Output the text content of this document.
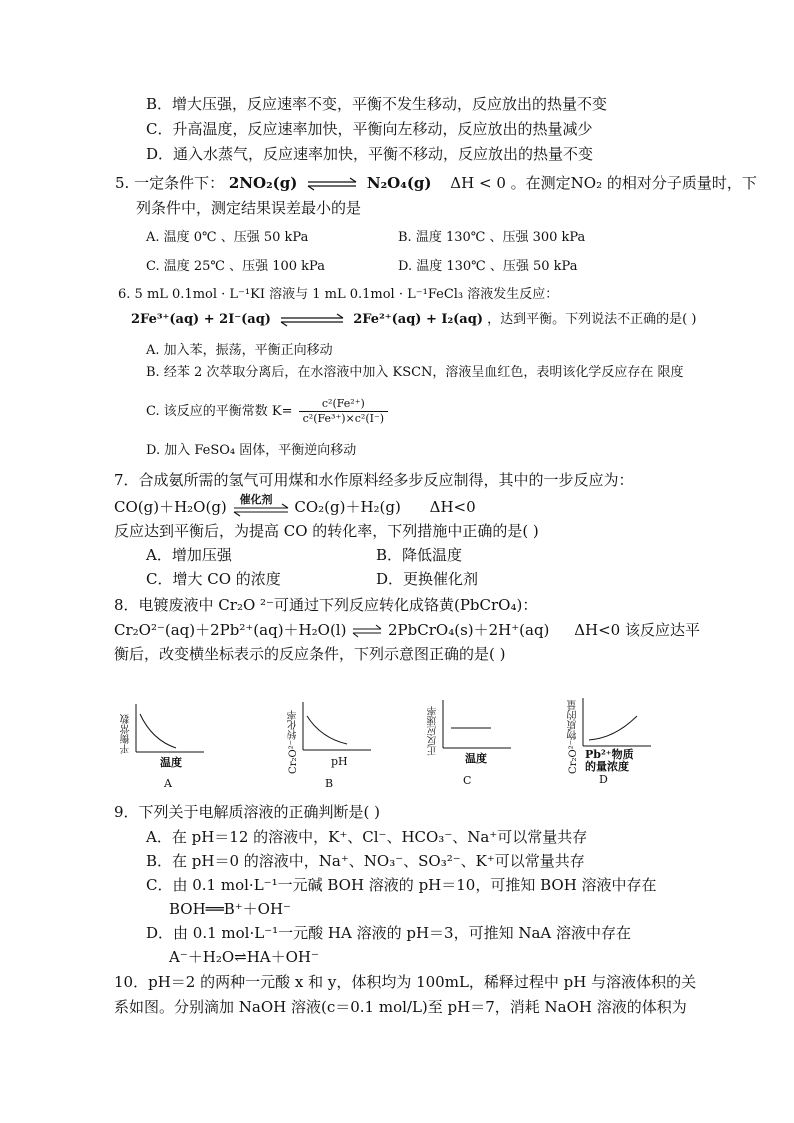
B．增大压强，反应速率不变，平衡不发生移动，反应放出的热量不变
C．升高温度，反应速率加快，平衡向左移动，反应放出的热量减少
D．通入水蒸气，反应速率加快，平衡不移动，反应放出的热量不变
5. 一定条件下： 2NO₂(g) ⇌ N₂O₄(g) ΔH < 0 。在测定NO₂ 的相对分子质量时，下
列条件中，测定结果误差最小的是
A. 温度 0℃ 、压强 50 kPa	B. 温度 130℃ 、压强 300 kPa
C. 温度 25℃ 、压强 100 kPa	D. 温度 130℃ 、压强 50 kPa
6. 5 mL 0.1mol · L⁻¹KI 溶液与 1 mL 0.1mol · L⁻¹FeCl₃ 溶液发生反应：
2Fe³⁺(aq) + 2I⁻(aq)	2Fe²⁺(aq) + I₂(aq) ，达到平衡。下列说法不正确的是( )
A. 加入苯，振荡，平衡正向移动
B. 经苯 2 次萃取分离后，在水溶液中加入 KSCN，溶液呈血红色，表明该化学反应存在 限度
C. 该反应的平衡常数 $K= \frac{\text{c²(Fe²⁺)}}{\text{c²(Fe³⁺)×c²(I⁻)}}$
D. 加入 FeSO₄ 固体，平衡逆向移动
7．合成氨所需的氢气可用煤和水作原料经多步反应制得，其中的一步反应为：
CO(g)＋H₂O(g) 催化剂 CO₂(g)＋H₂(g) ΔH<0
反应达到平衡后，为提高 CO 的转化率，下列措施中正确的是( )
A．增加压强	B．降低温度
C．增大 CO 的浓度	D．更换催化剂
8．电镀废液中 Cr₂O ²⁻可通过下列反应转化成铬黄(PbCrO₄)：
Cr₂O²⁻(aq)＋2Pb²⁺(aq)＋H₂O(l) ⇌ 2PbCrO₄(s)＋2H⁺(aq) ΔH<0 该反应达平
衡后，改变横坐标表示的反应条件，下列示意图正确的是( )
平衡常数
温度
A
Cr₂O²⁻转化率	pH
B
正反应速率
温度
C
Cr₂O²⁻物质的量 Pb²⁺物质
的量浓度
D
9．下列关于电解质溶液的正确判断是( )
A．在 pH＝12 的溶液中，K⁺、Cl⁻、HCO₃⁻、Na⁺可以常量共存
B．在 pH＝0 的溶液中，Na⁺、NO₃⁻、SO₃²⁻、K⁺可以常量共存
C．由 0.1 mol·L⁻¹一元碱 BOH 溶液的 pH＝10，可推知 BOH 溶液中存在
BOH══B⁺＋OH⁻
D．由 0.1 mol·L⁻¹一元酸 HA 溶液的 pH＝3，可推知 NaA 溶液中存在
A⁻＋H₂O⇌HA＋OH⁻
10．pH＝2 的两种一元酸 x 和 y，体积均为 100mL，稀释过程中 pH 与溶液体积的关
系如图。分别滴加 NaOH 溶液(c＝0.1 mol/L)至 pH＝7，消耗 NaOH 溶液的体积为
